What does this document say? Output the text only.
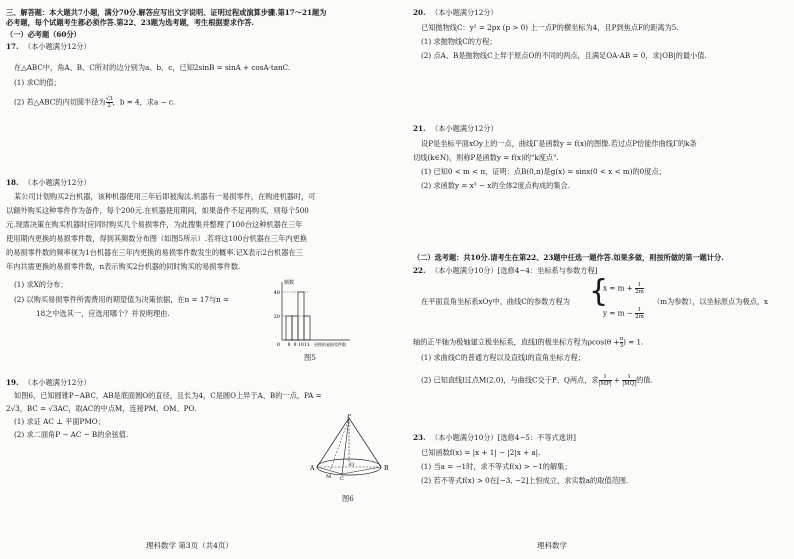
三、解答题：本大题共7小题，满分70分.解答应写出文字说明、证明过程或演算步骤.第17～21题为
必考题，每个试题考生都必须作答.第22、23题为选考题，考生根据要求作答.
（一）必考题（60分）
17. （本小题满分12分）
在△ABC中，角A、B、C所对的边分别为a、b、c，已知2sinB = sinA + cosA·tanC.
(1) 求C的值；
(2) 若△ABC的内切圆半径为 $\frac{√3}{2}$ ，b = 4，求a − c.
18. （本小题满分12分）
某公司计划购买2台机器，该种机器使用三年后即被淘汰.机器有一易损零件，在购进机器时，可
以额外购买这种零件作为备件，每个200元.在机器使用期间，如果备件不足再购买，则每个500
元.现需决策在购买机器时应同时购买几个易损零件，为此搜集并整理了100台这种机器在三年
使用期内更换的易损零件数，得到其频数分布图（如图5所示）.若将这100台机器在三年内更换
的易损零件数的频率视为1台机器在三年内更换的易损零件数发生的概率.记X表示2台机器在三
年内共需更换的易损零件数，n表示购买2台机器的同时购买的易损零件数.
(1) 求X的分布；
(2) 以购买易损零件所需费用的期望值为决策依据，在n = 17与n =
18之中选其一，应选用哪个？并说明理由.
频数
20
40
0 8 9 10 11 更换的易损零件数
图5
19. （本小题满分12分）
如图6，已知圆锥P−ABC，AB是底面圆O的直径，且长为4，C是圆O上异于A、B的一点，PA =
2√3，BC = √3AC，取AC的中点M，连接PM、OM、PO.
(1) 求证 AC ⊥ 平面PMO；
(2) 求二面角P − AC − B的余弦值.
P
A	O
M C
B
图6
理科数学 第3页（共4页）
20. （本小题满分12分）
已知抛物线C：y² = 2px (p > 0) 上一点P的横坐标为4，且P到焦点F的距离为5.
(1) 求抛物线C的方程；
(2) 点A、B是抛物线C上异于原点O的不同的两点，且满足OA·AB = 0，求|OB|的最小值.
21. （本小题满分12分）
设P是坐标平面xOy上的一点，曲线Γ是函数y = f(x)的图像.若过点P恰能作曲线Γ的k条
切线(k∈N)，则称P是函数y = f(x)的"k度点".
(1) 已知0 < m < π，证明：点B(0,π)是g(x) = sinx(0 < x < m)的0度点；
(2) 求函数y = x³ − x的全体2度点构成的集合.
（二）选考题：共10分.请考生在第22、23题中任选一题作答.如果多做，则按所做的第一题计分.
22. （本小题满分10分）[选修4−4：坐标系与参数方程]
在平面直角坐标系xOy中，曲线C的参数方程为 {
$x = m + \frac{1}{2m}$
$y = m - \frac{1}{2m}$
（m为参数），以坐标原点为极点，x
轴的正半轴为极轴建立极坐标系，直线l的极坐标方程为$\rho\cos(\theta + \frac{\pi}{3}$ ) = 1.
(1) 求曲线C的普通方程以及直线l的直角坐标方程；
(2) 已知直线l过点M(2,0)，与曲线C交于P、Q两点，求 $\frac{1}{|MP|} + \frac{1}{|MQ|}$ 的值.
23. （本小题满分10分）[选修4−5：不等式选讲]
已知函数f(x) = |x + 1| − |2|x + a|.
(1) 当a = −1时，求不等式f(x) > −1的解集；
(2) 若不等式f(x) > 0在[−3, −2]上恒成立，求实数a的取值范围.
理科数学
